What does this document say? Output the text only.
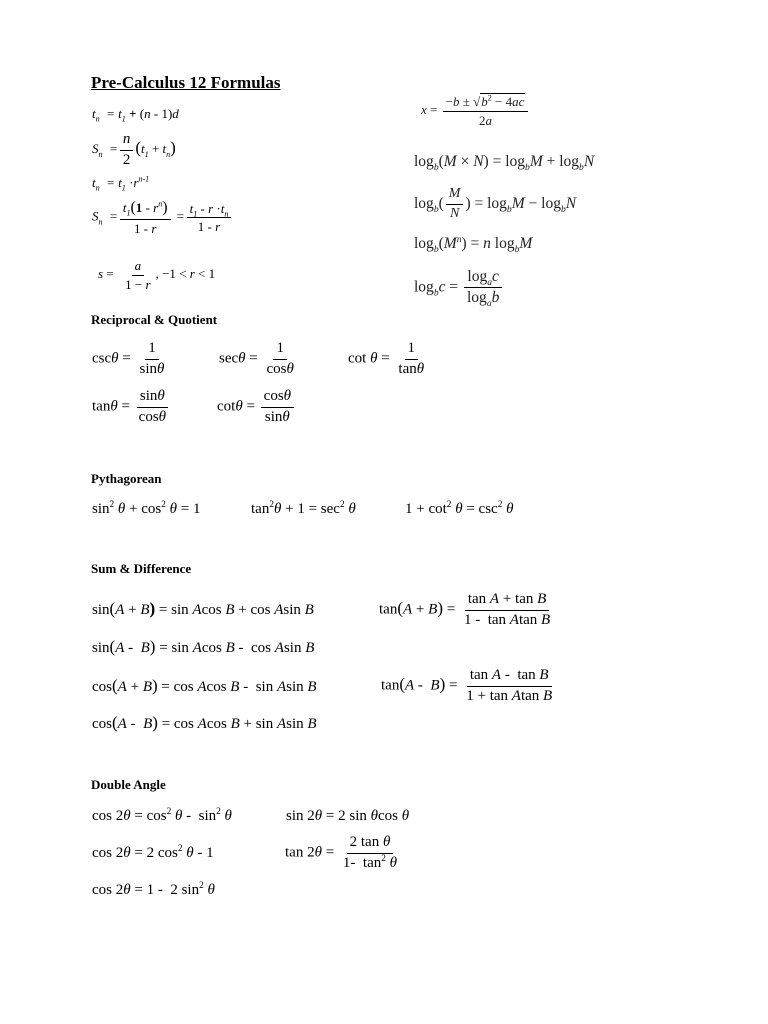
Pre-Calculus 12 Formulas
$t_n = t_1 + (n - 1)d$
$S_n = \frac{n}{2} (t_1 + t_n)$
$t_n = t_1 \cdot r^{n-1}$
$S_n = \frac{t_1(1 - r^n)}{1 - r} = \frac{t_1 - r \cdot t_n}{1 - r}$
$s = \frac{a}{1 - r}$ , −1 < r < 1
$x = \frac{-b \pm √b^2 - 4ac}{2a}$
$\log_b(M \times N) = \log_bM + \log_bN$
$\log_b( \frac{M}{N}$ ) = $\log_bM - \log_bN$
$\log_b(M^n) = n$ $\log_bM$
$\log_bc = \frac{\log_ac}{\log_ab}$
Reciprocal & Quotient
$\csc\theta = \frac{1}{\sin\theta}$	$\sec\theta = \frac{1}{\cos\theta}$	$\cot \theta = \frac{1}{\tan\theta}$
$\tan\theta = \frac{\sin\theta}{\cos\theta}$	$\cot\theta = \frac{\cos\theta}{\sin\theta}$
Pythagorean
$\sin^2 \theta + \cos^2 \theta = 1$	$\tan^2\theta + 1 = \sec^2 \theta$	$1 + \cot^2 \theta = \csc^2 \theta$
Sum & Difference
sin(A + B) = sin Acos B + cos Asin B	$\tan(A + B) = \frac{\text{tan A + tan B}}{\text{1 -  tan Atan B}}$
sin(A -  B) = sin Acos B -  cos Asin B
cos(A + B) = cos Acos B -  sin Asin B	$\tan(A - B) = \frac{\text{tan A -  tan B}}{\text{1 + tan Atan B}}$
cos(A -  B) = cos Acos B + sin Asin B
Double Angle
$\cos 2\theta = \cos^2 \theta - \sin^2 \theta$	sin 2θ = 2 sin θcos θ
cos 2θ = 2 $\cos^2 \theta - 1$	$\tan 2\theta = \frac{\text{2 tan θ}}{1- \tan^2 \theta}$
cos 2θ = 1 -  2 $\sin^2 \theta$
